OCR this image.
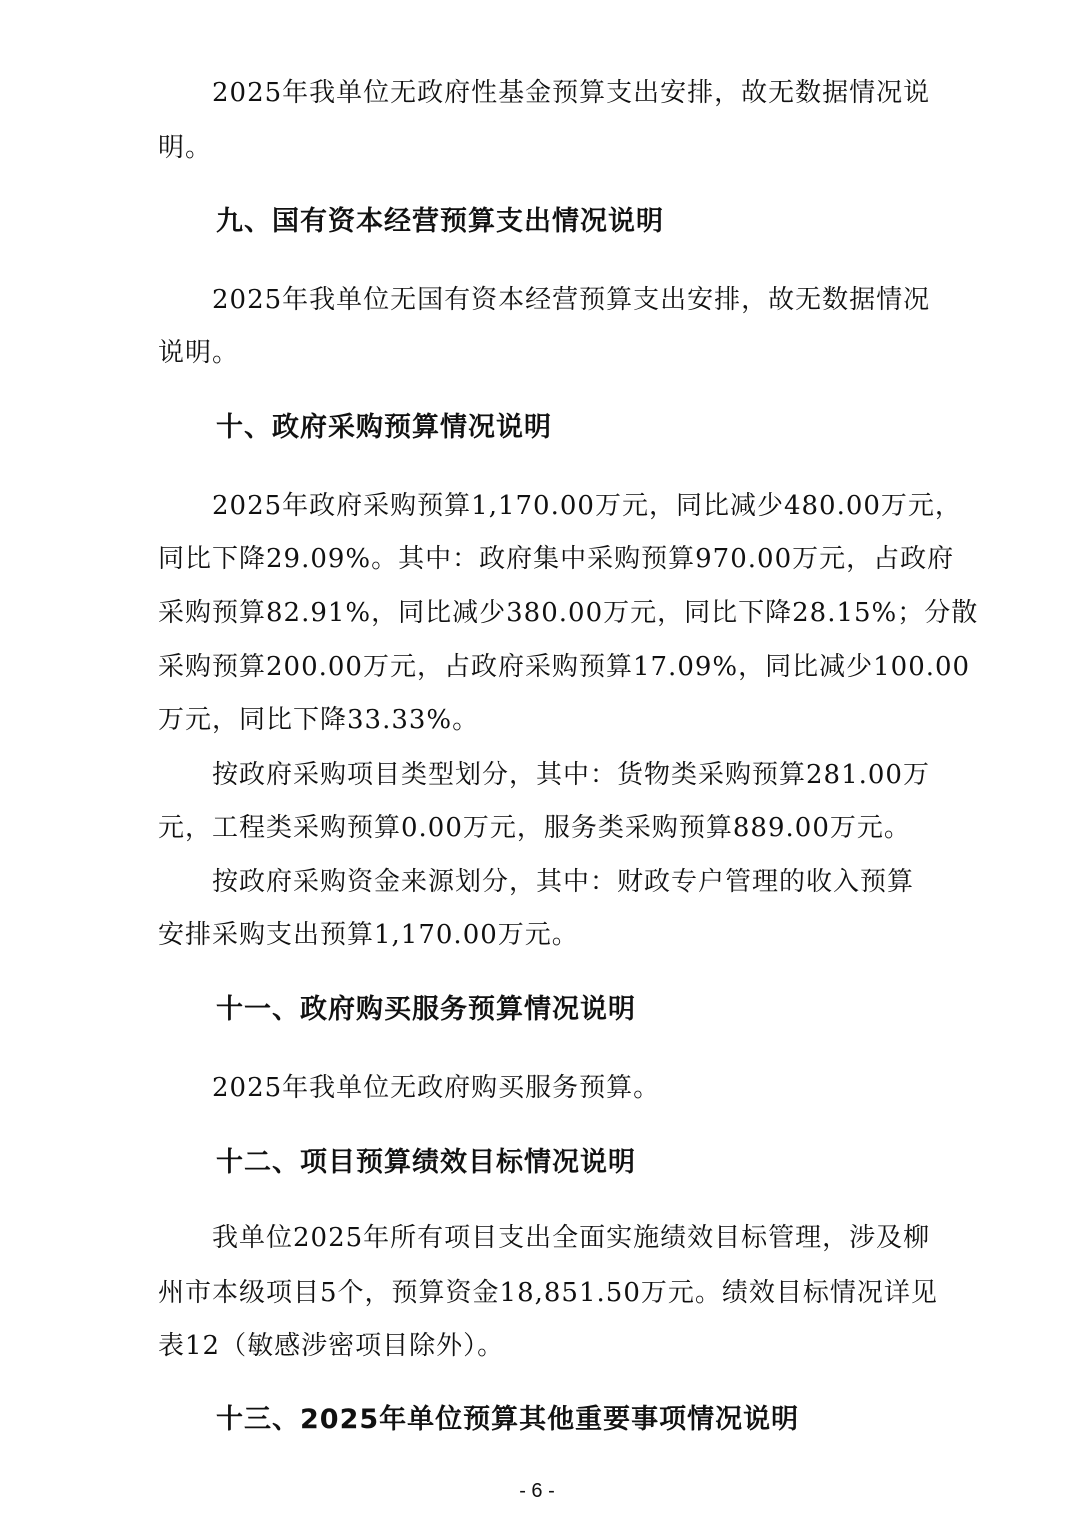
2025年我单位无政府性基金预算支出安排，故无数据情况说

明。

九、国有资本经营预算支出情况说明

2025年我单位无国有资本经营预算支出安排，故无数据情况

说明。

十、政府采购预算情况说明

2025年政府采购预算1,170.00万元，同比减少480.00万元，

同比下降29.09%。其中：政府集中采购预算970.00万元，占政府

采购预算82.91%，同比减少380.00万元，同比下降28.15%；分散

采购预算200.00万元，占政府采购预算17.09%，同比减少100.00

万元，同比下降33.33%。

按政府采购项目类型划分，其中：货物类采购预算281.00万

元，工程类采购预算0.00万元，服务类采购预算889.00万元。

按政府采购资金来源划分，其中：财政专户管理的收入预算

安排采购支出预算1,170.00万元。

十一、政府购买服务预算情况说明

2025年我单位无政府购买服务预算。

十二、项目预算绩效目标情况说明

我单位2025年所有项目支出全面实施绩效目标管理，涉及柳

州市本级项目5个，预算资金18,851.50万元。绩效目标情况详见

表12（敏感涉密项目除外）。

十三、2025年单位预算其他重要事项情况说明
- 6 -
